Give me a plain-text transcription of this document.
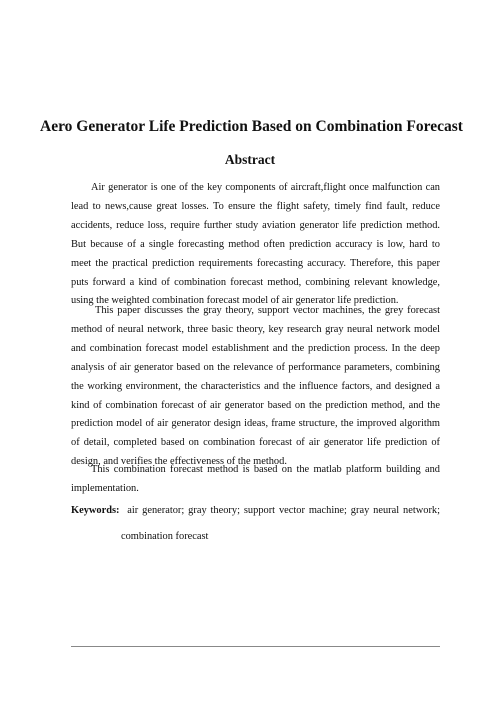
Aero Generator Life Prediction Based on Combination Forecast
Abstract

Air generator is one of the key components of aircraft,flight once malfunction can lead to news,cause great losses. To ensure the flight safety, timely find fault, reduce accidents, reduce loss, require further study aviation generator life prediction method. But because of a single forecasting method often prediction accuracy is low, hard to meet the practical prediction requirements forecasting accuracy. Therefore, this paper puts forward a kind of combination forecast method, combining relevant knowledge, using the weighted combination forecast model of air generator life prediction.

This paper discusses the gray theory, support vector machines, the grey forecast method of neural network, three basic theory, key research gray neural network model and combination forecast model establishment and the prediction process. In the deep analysis of air generator based on the relevance of performance parameters, combining the working environment, the characteristics and the influence factors, and designed a kind of combination forecast of air generator based on the prediction method, and the prediction model of air generator design ideas, frame structure, the improved algorithm of detail, completed based on combination forecast of air generator life prediction of design, and verifies the effectiveness of the method.

This combination forecast method is based on the matlab platform building and implementation.

Keywords: air generator; gray theory; support vector machine; gray neural network;
combination forecast
